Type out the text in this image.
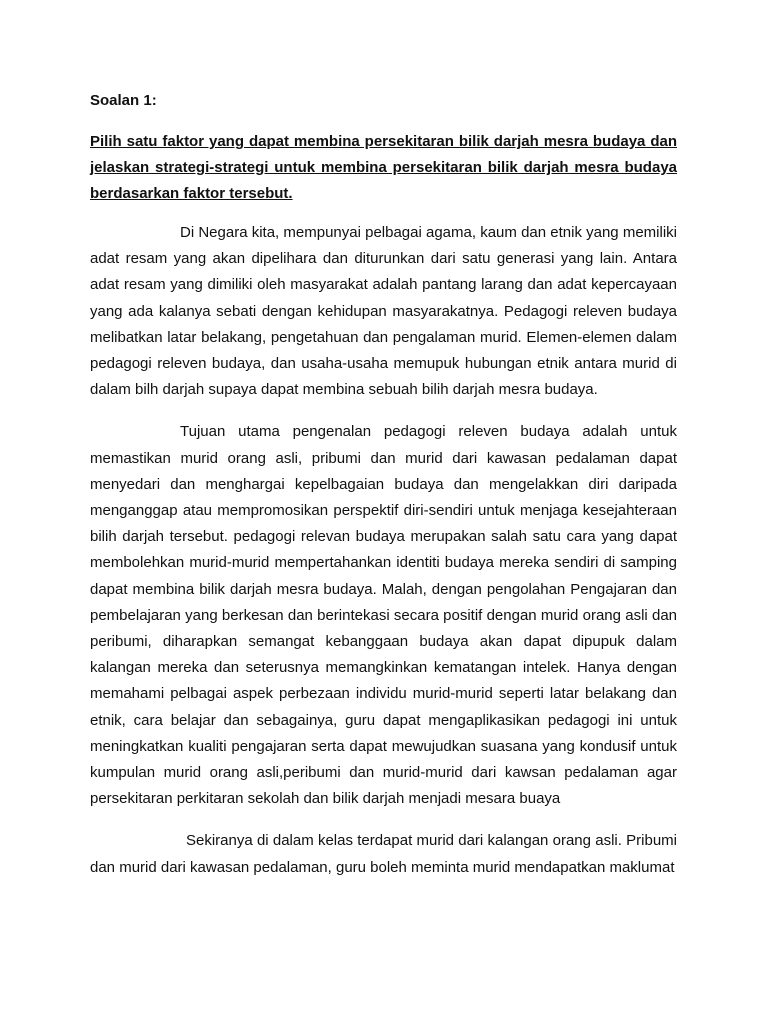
Soalan 1:
Pilih satu faktor yang dapat membina persekitaran bilik darjah mesra budaya dan jelaskan strategi-strategi untuk membina persekitaran bilik darjah mesra budaya berdasarkan faktor tersebut.

Di Negara kita, mempunyai pelbagai agama, kaum dan etnik yang memiliki adat resam yang akan dipelihara dan diturunkan dari satu generasi yang lain. Antara adat resam yang dimiliki oleh masyarakat adalah pantang larang dan adat kepercayaan yang ada kalanya sebati dengan kehidupan masyarakatnya. Pedagogi releven budaya melibatkan latar belakang, pengetahuan dan pengalaman murid. Elemen-elemen dalam pedagogi releven budaya, dan usaha-usaha memupuk hubungan etnik antara murid di dalam bilh darjah supaya dapat membina sebuah bilih darjah mesra budaya.

Tujuan utama pengenalan pedagogi releven budaya adalah untuk memastikan murid orang asli, pribumi dan murid dari kawasan pedalaman dapat menyedari dan menghargai kepelbagaian budaya dan mengelakkan diri daripada menganggap atau mempromosikan perspektif diri-sendiri untuk menjaga kesejahteraan bilih darjah tersebut. pedagogi relevan budaya merupakan salah satu cara yang dapat membolehkan murid-murid mempertahankan identiti budaya mereka sendiri di samping dapat membina bilik darjah mesra budaya. Malah, dengan pengolahan Pengajaran dan pembelajaran yang berkesan dan berintekasi secara positif dengan murid orang asli dan peribumi, diharapkan semangat kebanggaan budaya akan dapat dipupuk dalam kalangan mereka dan seterusnya memangkinkan kematangan intelek. Hanya dengan memahami pelbagai aspek perbezaan individu murid-murid seperti latar belakang dan etnik, cara belajar dan sebagainya, guru dapat mengaplikasikan pedagogi ini untuk meningkatkan kualiti pengajaran serta dapat mewujudkan suasana yang kondusif untuk kumpulan murid orang asli,peribumi dan murid-murid dari kawsan pedalaman agar persekitaran perkitaran sekolah dan bilik darjah menjadi mesara buaya

Sekiranya di dalam kelas terdapat murid dari kalangan orang asli. Pribumi dan murid dari kawasan pedalaman, guru boleh meminta murid mendapatkan maklumat
